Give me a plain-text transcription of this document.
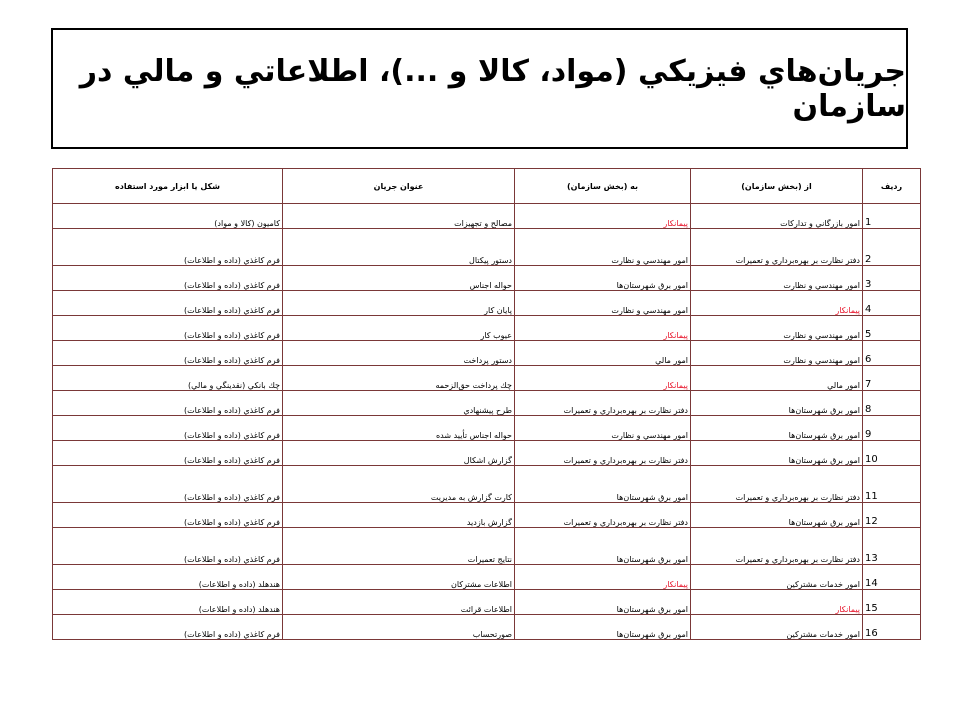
جريان‌هاي فيزيكي (مواد، كالا و ...)، اطلاعاتي و مالي در سازمان
رديف	از (بخش سازمان)	به (بخش سازمان)	عنوان جريان	شكل يا ابزار مورد استفاده
1	امور بازرگاني و تداركات	پيمانكار	مصالح و تجهيزات	كاميون (كالا و مواد)
2	دفتر نظارت بر بهره‌برداري و تعميرات	امور مهندسي و نظارت	دستور پيكتال	فرم كاغذي (داده و اطلاعات)
3	امور مهندسي و نظارت	امور برق شهرستان‌ها	حواله اجناس	فرم كاغذي (داده و اطلاعات)
4	پيمانكار	امور مهندسي و نظارت	پايان كار	فرم كاغذي (داده و اطلاعات)
5	امور مهندسي و نظارت	پيمانكار	عيوب كار	فرم كاغذي (داده و اطلاعات)
6	امور مهندسي و نظارت	امور مالي	دستور پرداخت	فرم كاغذي (داده و اطلاعات)
7	امور مالي	پيمانكار	چك پرداخت حق‌الزحمه	چك بانكي (نقدينگي و مالي)
8	امور برق شهرستان‌ها	دفتر نظارت بر بهره‌برداري و تعميرات	طرح پيشنهادي	فرم كاغذي (داده و اطلاعات)
9	امور برق شهرستان‌ها	امور مهندسي و نظارت	حواله اجناس تأييد شده	فرم كاغذي (داده و اطلاعات)
10	امور برق شهرستان‌ها	دفتر نظارت بر بهره‌برداري و تعميرات	گزارش اشكال	فرم كاغذي (داده و اطلاعات)
11	دفتر نظارت بر بهره‌برداري و تعميرات	امور برق شهرستان‌ها	كارت گزارش به مديريت	فرم كاغذي (داده و اطلاعات)
12	امور برق شهرستان‌ها	دفتر نظارت بر بهره‌برداري و تعميرات	گزارش بازديد	فرم كاغذي (داده و اطلاعات)
13	دفتر نظارت بر بهره‌برداري و تعميرات	امور برق شهرستان‌ها	نتايج تعميرات	فرم كاغذي (داده و اطلاعات)
14	امور خدمات مشتركين	پيمانكار	اطلاعات مشتركان	هندهلد (داده و اطلاعات)
15	پيمانكار	امور برق شهرستان‌ها	اطلاعات قرائت	هندهلد (داده و اطلاعات)
16	امور خدمات مشتركين	امور برق شهرستان‌ها	صورتحساب	فرم كاغذي (داده و اطلاعات)
